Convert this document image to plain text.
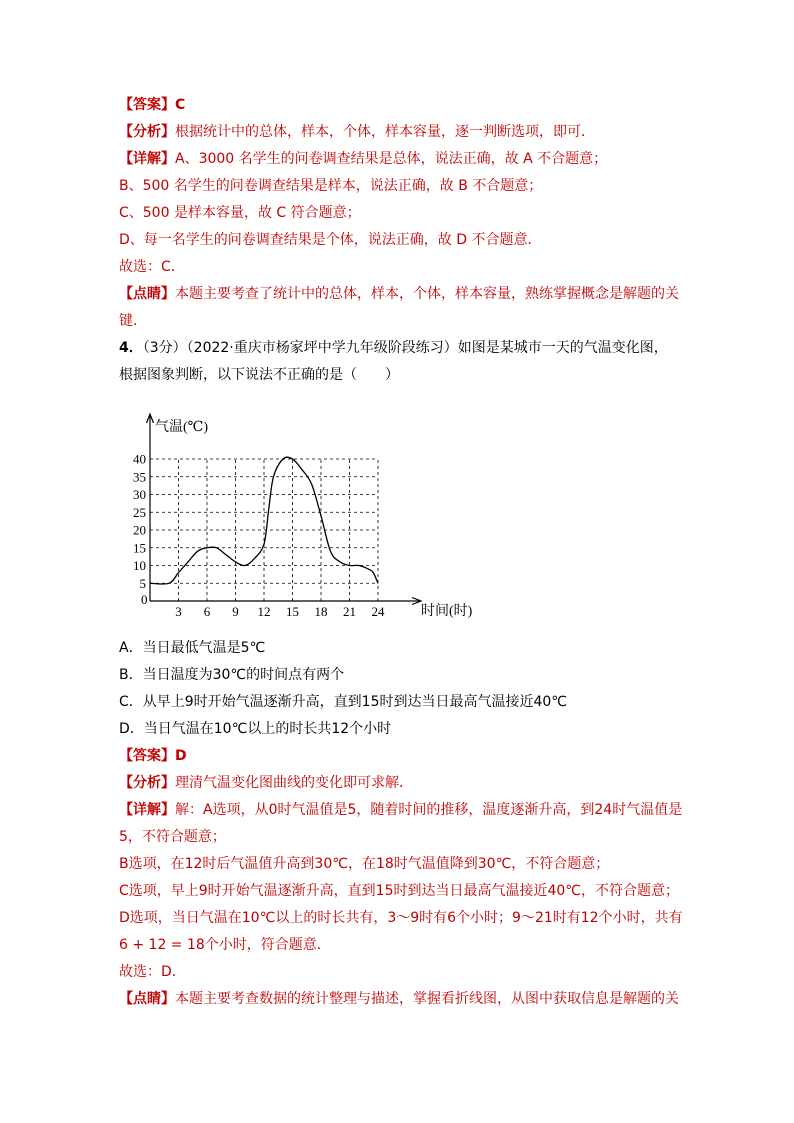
【答案】C
【分析】根据统计中的总体，样本，个体，样本容量，逐一判断选项，即可．
【详解】A、3000 名学生的问卷调查结果是总体，说法正确，故 A 不合题意；
B、500 名学生的问卷调查结果是样本，说法正确，故 B 不合题意；
C、500 是样本容量，故 C 符合题意；
D、每一名学生的问卷调查结果是个体，说法正确，故 D 不合题意．
故选：C．
【点睛】本题主要考查了统计中的总体，样本，个体，样本容量，熟练掌握概念是解题的关
键．
4．（3分）（2022·重庆市杨家坪中学九年级阶段练习）如图是某城市一天的气温变化图，
根据图象判断，以下说法不正确的是（　　）
5
10
15
20
25
30
35
40
3 6 9 12 15 18 21 24
气温(℃)
时间(时)
0
A．当日最低气温是5℃
B．当日温度为30℃的时间点有两个
C．从早上9时开始气温逐渐升高，直到15时到达当日最高气温接近40℃
D．当日气温在10℃以上的时长共12个小时
【答案】D
【分析】理清气温变化图曲线的变化即可求解．
【详解】解：A选项，从0时气温值是5，随着时间的推移，温度逐渐升高，到24时气温值是
5，不符合题意；
B选项，在12时后气温值升高到30℃，在18时气温值降到30℃，不符合题意；
C选项，早上9时开始气温逐渐升高，直到15时到达当日最高气温接近40℃，不符合题意；
D选项，当日气温在10℃以上的时长共有，3～9时有6个小时；9～21时有12个小时，共有
6 + 12 = 18个小时，符合题意．
故选：D．
【点睛】本题主要考查数据的统计整理与描述，掌握看折线图，从图中获取信息是解题的关
